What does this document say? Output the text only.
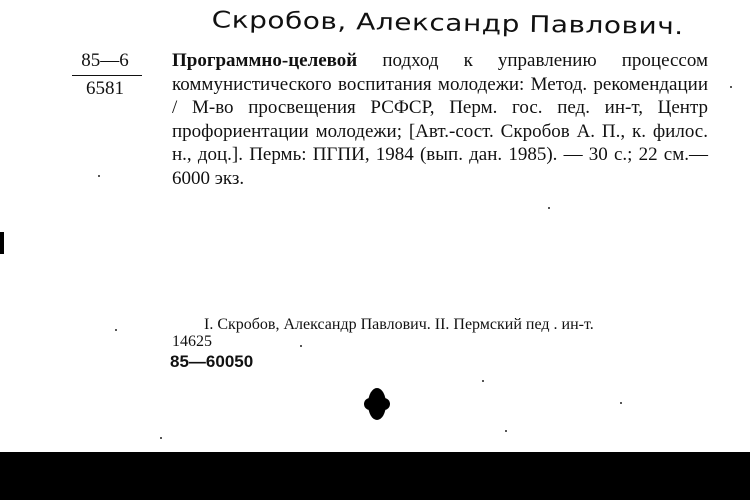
Скробов, Александр Павлович.
85—6
6581
Программно-целевой подход к управлению процессом коммунистического воспитания молодежи: Метод. рекомендации / М-во просвещения РСФСР, Перм. гос. пед. ин-т, Центр профориентации молодежи; [Авт.-сост. Скробов А. П., к. филос. н., доц.]. Пермь: ПГПИ, 1984 (вып. дан. 1985). — 30 с.; 22 см.—6000 экз.
I. Скробов, Александр Павлович. II. Пермский пед . ин-т.
14625
85—60050
